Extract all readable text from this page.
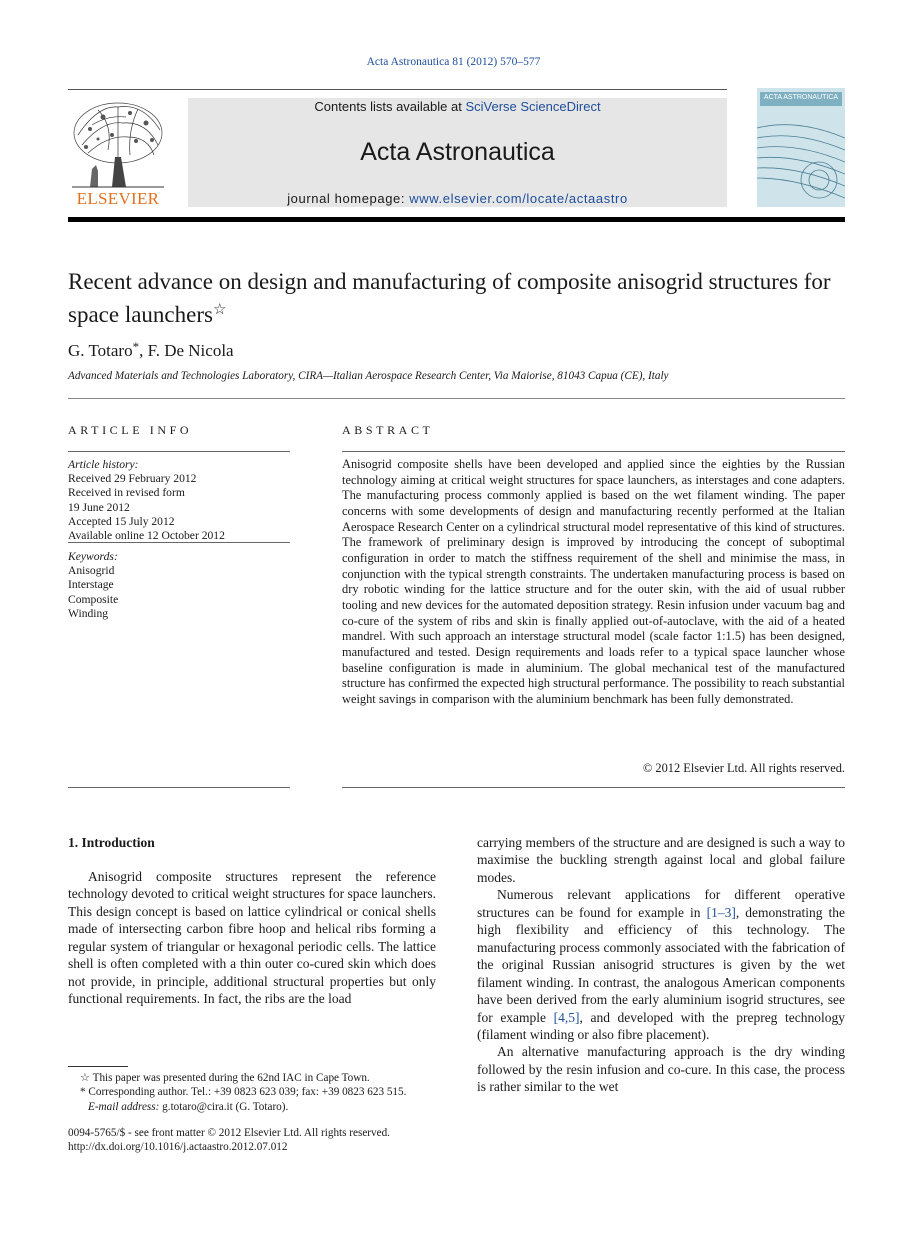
Acta Astronautica 81 (2012) 570–577
ELSEVIER
Contents lists available at SciVerse ScienceDirect
Acta Astronautica
journal homepage: www.elsevier.com/locate/actaastro
ACTA ASTRONAUTICA
Recent advance on design and manufacturing of composite anisogrid structures for space launchers☆
G. Totaro*, F. De Nicola
Advanced Materials and Technologies Laboratory, CIRA—Italian Aerospace Research Center, Via Maiorise, 81043 Capua (CE), Italy
ARTICLE INFO	ABSTRACT
Article history:
Received 29 February 2012
Received in revised form
19 June 2012
Accepted 15 July 2012
Available online 12 October 2012
Keywords:
Anisogrid
Interstage
Composite
Winding
Anisogrid composite shells have been developed and applied since the eighties by the Russian technology aiming at critical weight structures for space launchers, as interstages and cone adapters. The manufacturing process commonly applied is based on the wet filament winding. The paper concerns with some developments of design and manufacturing recently performed at the Italian Aerospace Research Center on a cylindrical structural model representative of this kind of structures. The framework of preliminary design is improved by introducing the concept of suboptimal configuration in order to match the stiffness requirement of the shell and minimise the mass, in conjunction with the typical strength constraints. The undertaken manufacturing process is based on dry robotic winding for the lattice structure and for the outer skin, with the aid of usual rubber tooling and new devices for the automated deposition strategy. Resin infusion under vacuum bag and co-cure of the system of ribs and skin is finally applied out-of-autoclave, with the aid of a heated mandrel. With such approach an interstage structural model (scale factor 1:1.5) has been designed, manufactured and tested. Design requirements and loads refer to a typical space launcher whose baseline configuration is made in aluminium. The global mechanical test of the manufactured structure has confirmed the expected high structural performance. The possibility to reach substantial weight savings in comparison with the aluminium benchmark has been fully demonstrated.
© 2012 Elsevier Ltd. All rights reserved.
1. Introduction

Anisogrid composite structures represent the reference technology devoted to critical weight structures for space launchers. This design concept is based on lattice cylindrical or conical shells made of intersecting carbon fibre hoop and helical ribs forming a regular system of triangular or hexagonal periodic cells. The lattice shell is often completed with a thin outer co-cured skin which does not provide, in principle, additional structural properties but only functional requirements. In fact, the ribs are the load

carrying members of the structure and are designed is such a way to maximise the buckling strength against local and global failure modes.

Numerous relevant applications for different operative structures can be found for example in [1–3], demonstrating the high flexibility and efficiency of this technology. The manufacturing process commonly associated with the fabrication of the original Russian anisogrid structures is given by the wet filament winding. In contrast, the analogous American components have been derived from the early aluminium isogrid structures, see for example [4,5], and developed with the prepreg technology (filament winding or also fibre placement).

An alternative manufacturing approach is the dry winding followed by the resin infusion and co-cure. In this case, the process is rather similar to the wet

☆ This paper was presented during the 62nd IAC in Cape Town.
* Corresponding author. Tel.: +39 0823 623 039; fax: +39 0823 623 515.
E-mail address: g.totaro@cira.it (G. Totaro).
0094-5765/$ - see front matter © 2012 Elsevier Ltd. All rights reserved.
http://dx.doi.org/10.1016/j.actaastro.2012.07.012
